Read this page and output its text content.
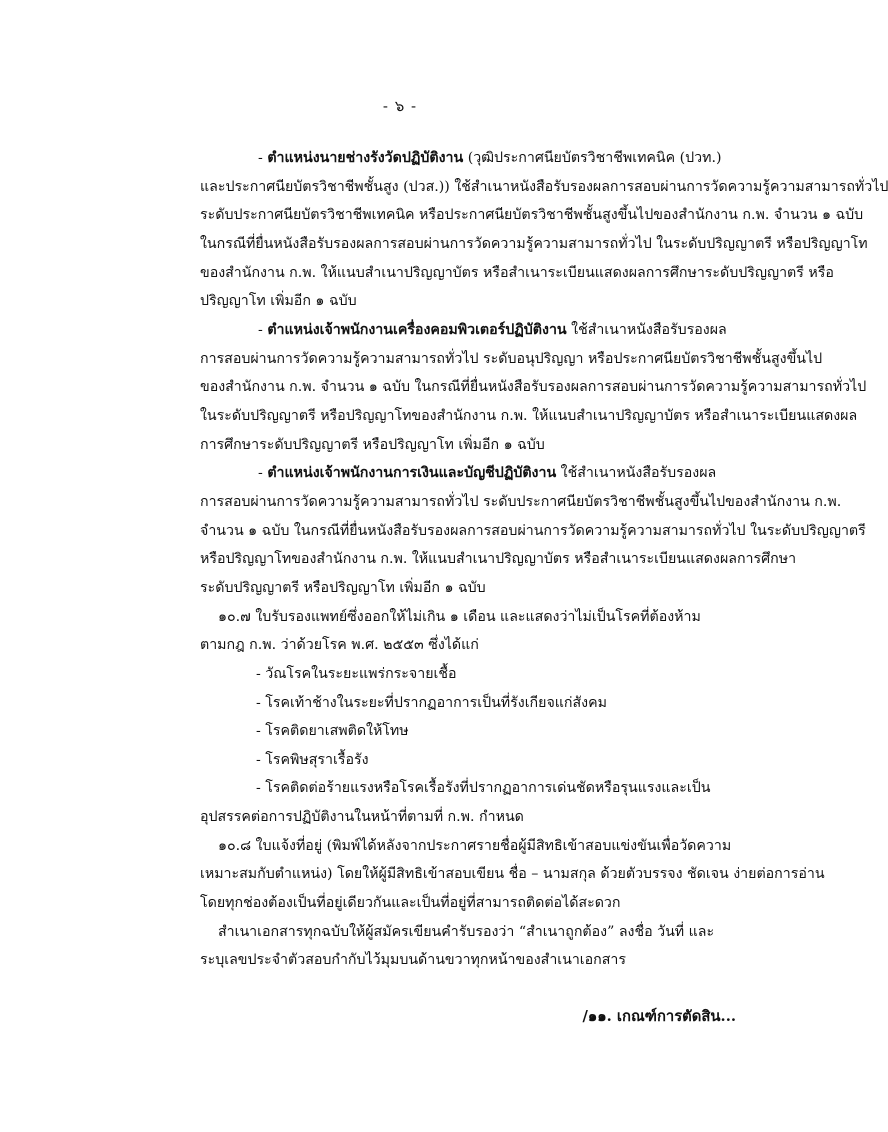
- ๖ -
- ตำแหน่งนายช่างรังวัดปฏิบัติงาน (วุฒิประกาศนียบัตรวิชาชีพเทคนิค (ปวท.)
และประกาศนียบัตรวิชาชีพชั้นสูง (ปวส.)) ใช้สำเนาหนังสือรับรองผลการสอบผ่านการวัดความรู้ความสามารถทั่วไป
ระดับประกาศนียบัตรวิชาชีพเทคนิค หรือประกาศนียบัตรวิชาชีพชั้นสูงขึ้นไปของสำนักงาน ก.พ. จำนวน ๑ ฉบับ
ในกรณีที่ยื่นหนังสือรับรองผลการสอบผ่านการวัดความรู้ความสามารถทั่วไป ในระดับปริญญาตรี หรือปริญญาโท
ของสำนักงาน ก.พ. ให้แนบสำเนาปริญญาบัตร หรือสำเนาระเบียนแสดงผลการศึกษาระดับปริญญาตรี หรือ
ปริญญาโท เพิ่มอีก ๑ ฉบับ
- ตำแหน่งเจ้าพนักงานเครื่องคอมพิวเตอร์ปฏิบัติงาน ใช้สำเนาหนังสือรับรองผล
การสอบผ่านการวัดความรู้ความสามารถทั่วไป ระดับอนุปริญญา หรือประกาศนียบัตรวิชาชีพชั้นสูงขึ้นไป
ของสำนักงาน ก.พ. จำนวน ๑ ฉบับ ในกรณีที่ยื่นหนังสือรับรองผลการสอบผ่านการวัดความรู้ความสามารถทั่วไป
ในระดับปริญญาตรี หรือปริญญาโทของสำนักงาน ก.พ. ให้แนบสำเนาปริญญาบัตร หรือสำเนาระเบียนแสดงผล
การศึกษาระดับปริญญาตรี หรือปริญญาโท เพิ่มอีก ๑ ฉบับ
- ตำแหน่งเจ้าพนักงานการเงินและบัญชีปฏิบัติงาน ใช้สำเนาหนังสือรับรองผล
การสอบผ่านการวัดความรู้ความสามารถทั่วไป ระดับประกาศนียบัตรวิชาชีพชั้นสูงขึ้นไปของสำนักงาน ก.พ.
จำนวน ๑ ฉบับ ในกรณีที่ยื่นหนังสือรับรองผลการสอบผ่านการวัดความรู้ความสามารถทั่วไป ในระดับปริญญาตรี
หรือปริญญาโทของสำนักงาน ก.พ. ให้แนบสำเนาปริญญาบัตร หรือสำเนาระเบียนแสดงผลการศึกษา
ระดับปริญญาตรี หรือปริญญาโท เพิ่มอีก ๑ ฉบับ
๑๐.๗ ใบรับรองแพทย์ซึ่งออกให้ไม่เกิน ๑ เดือน และแสดงว่าไม่เป็นโรคที่ต้องห้าม
ตามกฎ ก.พ. ว่าด้วยโรค พ.ศ. ๒๕๕๓ ซึ่งได้แก่
- วัณโรคในระยะแพร่กระจายเชื้อ
- โรคเท้าช้างในระยะที่ปรากฏอาการเป็นที่รังเกียจแก่สังคม
- โรคติดยาเสพติดให้โทษ
- โรคพิษสุราเรื้อรัง
- โรคติดต่อร้ายแรงหรือโรคเรื้อรังที่ปรากฏอาการเด่นชัดหรือรุนแรงและเป็น
อุปสรรคต่อการปฏิบัติงานในหน้าที่ตามที่ ก.พ. กำหนด
๑๐.๘ ใบแจ้งที่อยู่ (พิมพ์ได้หลังจากประกาศรายชื่อผู้มีสิทธิเข้าสอบแข่งขันเพื่อวัดความ
เหมาะสมกับตำแหน่ง) โดยให้ผู้มีสิทธิเข้าสอบเขียน ชื่อ – นามสกุล ด้วยตัวบรรจง ชัดเจน ง่ายต่อการอ่าน
โดยทุกช่องต้องเป็นที่อยู่เดียวกันและเป็นที่อยู่ที่สามารถติดต่อได้สะดวก
สำเนาเอกสารทุกฉบับให้ผู้สมัครเขียนคำรับรองว่า “สำเนาถูกต้อง” ลงชื่อ วันที่ และ
ระบุเลขประจำตัวสอบกำกับไว้มุมบนด้านขวาทุกหน้าของสำเนาเอกสาร
/๑๑. เกณฑ์การตัดสิน...
